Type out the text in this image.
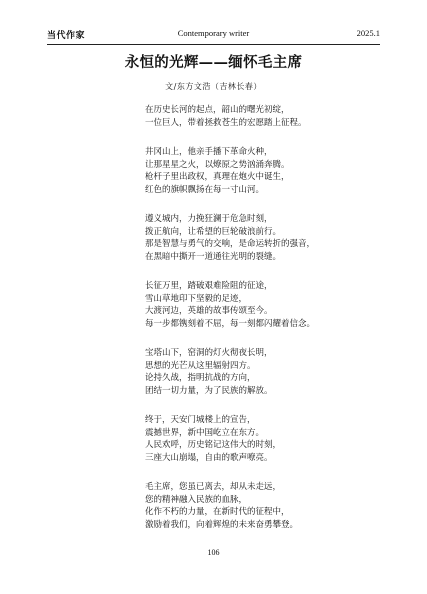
当代作家	Contemporary writer	2025.1
永恒的光辉——缅怀毛主席
文/东方文浩（吉林长春）
在历史长河的起点，韶山的曙光初绽，
一位巨人，带着拯救苍生的宏愿踏上征程。
井冈山上，他亲手播下革命火种，
让那星星之火，以燎原之势汹涌奔腾。
枪杆子里出政权，真理在炮火中诞生，
红色的旗帜飘扬在每一寸山河。
遵义城内，力挽狂澜于危急时刻，
拨正航向，让希望的巨轮破浪前行。
那是智慧与勇气的交响，是命运转折的强音，
在黑暗中撕开一道通往光明的裂缝。
长征万里，踏破艰难险阻的征途，
雪山草地印下坚毅的足迹，
大渡河边，英雄的故事传颂至今。
每一步都镌刻着不屈，每一刻都闪耀着信念。
宝塔山下，窑洞的灯火彻夜长明，
思想的光芒从这里辐射四方。
论持久战，指明抗战的方向，
团结一切力量，为了民族的解放。
终于，天安门城楼上的宣告，
震撼世界，新中国屹立在东方。
人民欢呼，历史铭记这伟大的时刻，
三座大山崩塌，自由的歌声嘹亮。
毛主席，您虽已离去，却从未走远，
您的精神融入民族的血脉，
化作不朽的力量，在新时代的征程中，
激励着我们，向着辉煌的未来奋勇攀登。
106
